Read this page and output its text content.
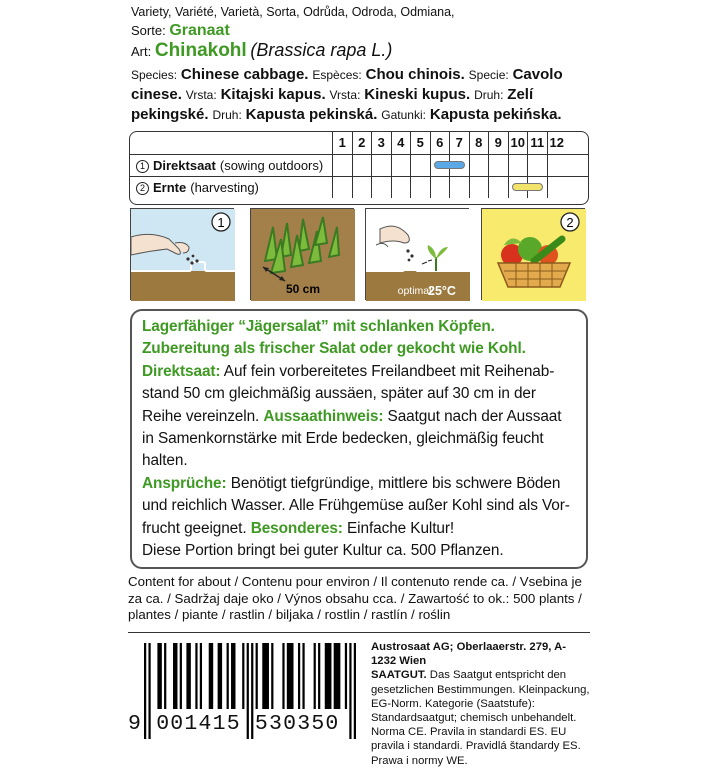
Variety, Variété, Varietà, Sorta, Odrůda, Odroda, Odmiana,
Sorte: Granaat
Art: Chinakohl (Brassica rapa L.)
Species: Chinese cabbage. Espèces: Chou chinois. Specie: Cavolo cinese. Vrsta: Kitajski kapus. Vrsta: Kineski kupus. Druh: Zelí pekingské. Druh: Kapusta pekinská. Gatunki: Kapusta pekińska.
1 2 3 4 5 6 7 8 9 10 11 12
1 Direktsaat (sowing outdoors)
2 Ernte (harvesting)
1
50 cm	optimal:
25°C
2

Lagerfähiger “Jägersalat” mit schlanken Köpfen.

Zubereitung als frischer Salat oder gekocht wie Kohl.

Direktsaat: Auf fein vorbereitetes Freilandbeet mit Reihenabstand 50 cm gleichmäßig aussäen, später auf 30 cm in der Reihe vereinzeln. Aussaathinweis: Saatgut nach der Aussaat in Samenkornstärke mit Erde bedecken, gleichmäßig feucht halten.

Ansprüche: Benötigt tiefgründige, mittlere bis schwere Böden und reichlich Wasser. Alle Frühgemüse außer Kohl sind als Vorfrucht geeignet. Besonderes: Einfache Kultur!

Diese Portion bringt bei guter Kultur ca. 500 Pflanzen.

Content for about / Contenu pour environ / Il contenuto rende ca. / Vsebina je za ca. / Sadržaj daje oko / Výnos obsahu cca. / Zawartość to ok.: 500 plants / plantes / piante / rastlin / biljaka / rostlin / rastlín / roślin
9 001415 530350
Austrosaat AG; Oberlaaerstr. 279, A-1232 Wien
SAATGUT. Das Saatgut entspricht den gesetzlichen Bestimmungen. Kleinpackung, EG-Norm. Kategorie (Saatstufe): Standardsaatgut; chemisch unbehandelt. Norma CE. Pravila in standardi ES. EU pravila i standardi. Pravidlá štandardy ES. Prawa i normy WE.
